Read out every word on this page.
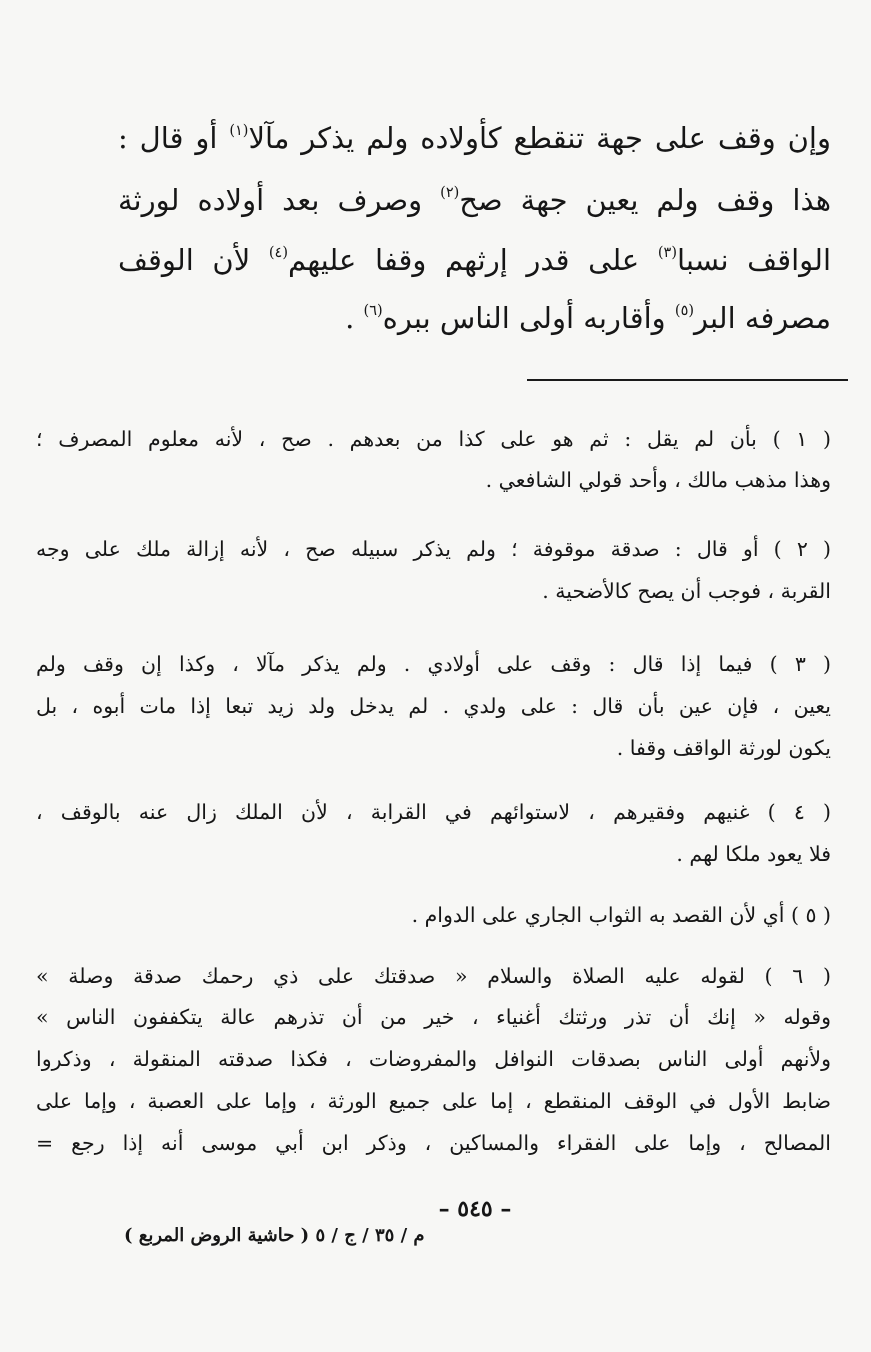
وإن وقف على جهة تنقطع كأولاده ولم يذكر مآلا$^{(١)}$ أو قال :
هذا وقف ولم يعين جهة صح$^{(٢)}$ وصرف بعد أولاده لورثة
الواقف نسبا$^{(٣)}$ على قدر إرثهم وقفا عليهم$^{(٤)}$ لأن الوقف
مصرفه البر$^{(٥)}$ وأقاربه أولى الناس ببره$^{(٦)}$ .
( ١ ) بأن لم يقل : ثم هو على كذا من بعدهم . صح ، لأنه معلوم المصرف ؛
وهذا مذهب مالك ، وأحد قولي الشافعي .
( ٢ ) أو قال : صدقة موقوفة ؛ ولم يذكر سبيله صح ، لأنه إزالة ملك على وجه
القربة ، فوجب أن يصح كالأضحية .
( ٣ ) فيما إذا قال : وقف على أولادي . ولم يذكر مآلا ، وكذا إن وقف ولم
يعين ، فإن عين بأن قال : على ولدي . لم يدخل ولد زيد تبعا إذا مات أبوه ، بل
يكون لورثة الواقف وقفا .
( ٤ ) غنيهم وفقيرهم ، لاستوائهم في القرابة ، لأن الملك زال عنه بالوقف ،
فلا يعود ملكا لهم .
( ٥ ) أي لأن القصد به الثواب الجاري على الدوام .
( ٦ ) لقوله عليه الصلاة والسلام « صدقتك على ذي رحمك صدقة وصلة »
وقوله « إنك أن تذر ورثتك أغنياء ، خير من أن تذرهم عالة يتكففون الناس »
ولأنهم أولى الناس بصدقات النوافل والمفروضات ، فكذا صدقته المنقولة ، وذكروا
ضابط الأول في الوقف المنقطع ، إما على جميع الورثة ، وإما على العصبة ، وإما على
المصالح ، وإما على الفقراء والمساكين ، وذكر ابن أبي موسى أنه إذا رجع =
– ٥٤٥ –
م / ٣٥ / ج / ٥ ( حاشية الروض المربع )
